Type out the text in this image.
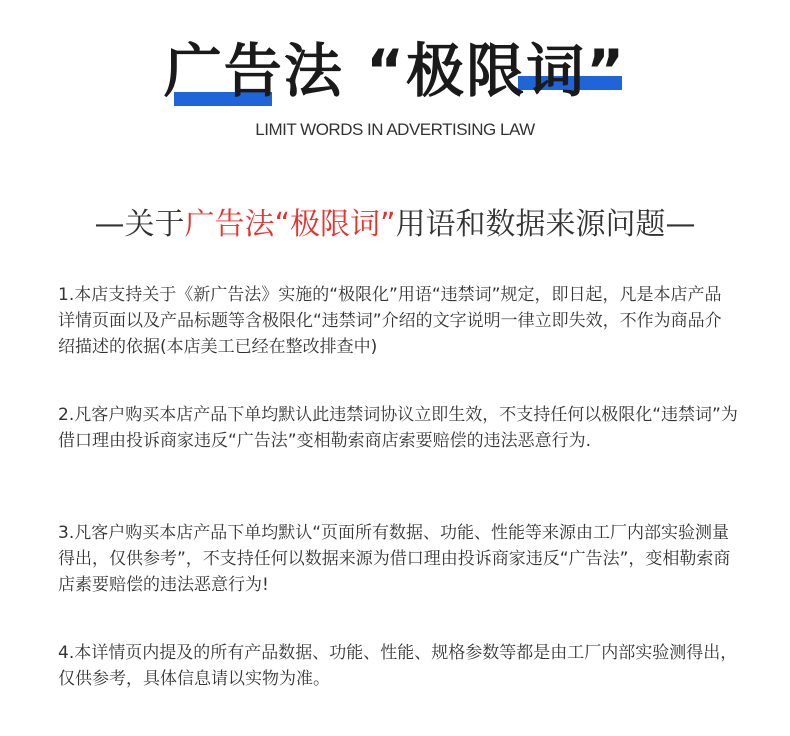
广告法 “极限词”
LIMIT WORDS IN ADVERTISING LAW
—关于广告法“极限词”用语和数据来源问题—
1.本店支持关于《新广告法》实施的“极限化”用语“违禁词”规定，即日起，凡是本店产品详情页面以及产品标题等含极限化“违禁词”介绍的文字说明一律立即失效，不作为商品介绍描述的依据(本店美工已经在整改排查中)
2.凡客户购买本店产品下单均默认此违禁词协议立即生效，不支持任何以极限化“违禁词”为借口理由投诉商家违反“广告法”变相勒索商店索要赔偿的违法恶意行为.
3.凡客户购买本店产品下单均默认“页面所有数据、功能、性能等来源由工厂内部实验测量得出，仅供参考”，不支持任何以数据来源为借口理由投诉商家违反“广告法”，变相勒索商店素要赔偿的违法恶意行为!
4.本详情页内提及的所有产品数据、功能、性能、规格参数等都是由工厂内部实验测得出，仅供参考，具体信息请以实物为准。
